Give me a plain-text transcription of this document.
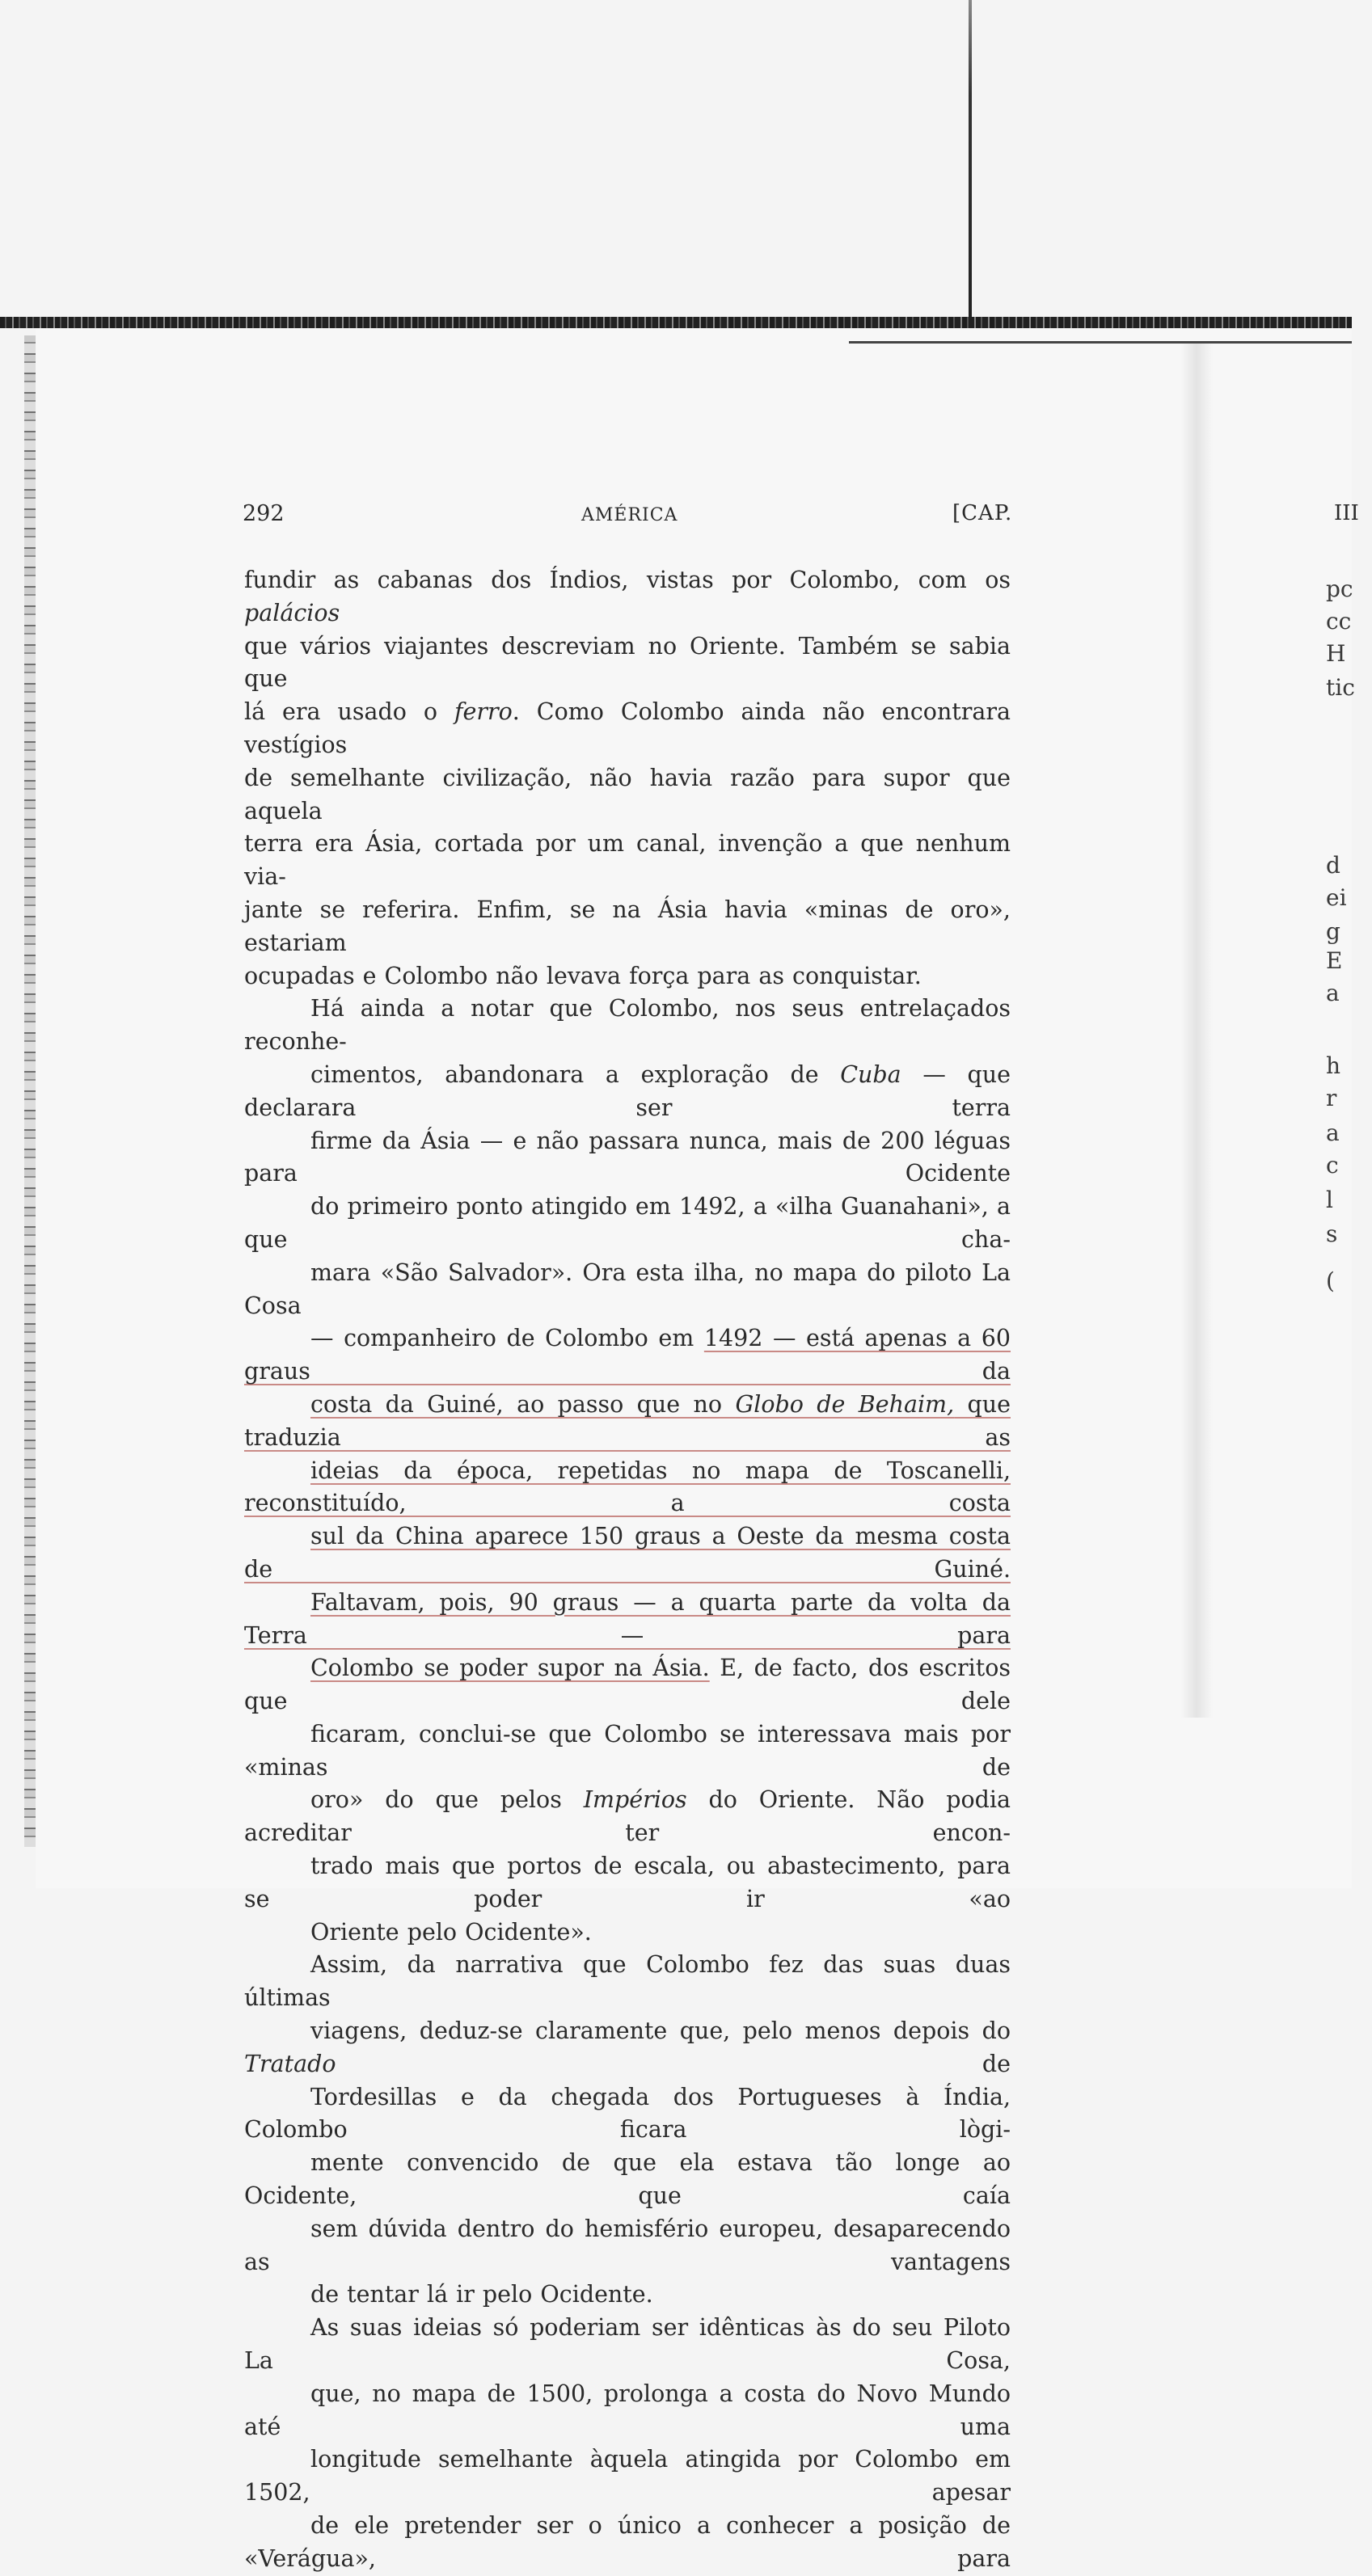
292	AMÉRICA	[CAP.	III

fundir as cabanas dos Índios, vistas por Colombo, com os palácios
que vários viajantes descreviam no Oriente. Também se sabia que
lá era usado o ferro. Como Colombo ainda não encontrara vestígios
de semelhante civilização, não havia razão para supor que aquela
terra era Ásia, cortada por um canal, invenção a que nenhum via-
jante se referira. Enfim, se na Ásia havia «minas de oro», estariam
ocupadas e Colombo não levava força para as conquistar.

Há ainda a notar que Colombo, nos seus entrelaçados reconhe-
cimentos, abandonara a exploração de Cuba — que declarara ser terra
firme da Ásia — e não passara nunca, mais de 200 léguas para Ocidente
do primeiro ponto atingido em 1492, a «ilha Guanahani», a que cha-
mara «São Salvador». Ora esta ilha, no mapa do piloto La Cosa
— companheiro de Colombo em 1492 — está apenas a 60 graus da
costa da Guiné, ao passo que no Globo de Behaim, que traduzia as
ideias da época, repetidas no mapa de Toscanelli, reconstituído, a costa
sul da China aparece 150 graus a Oeste da mesma costa de Guiné.
Faltavam, pois, 90 graus — a quarta parte da volta da Terra — para
Colombo se poder supor na Ásia. E, de facto, dos escritos que dele
ficaram, conclui-se que Colombo se interessava mais por «minas de
oro» do que pelos Impérios do Oriente. Não podia acreditar ter encon-
trado mais que portos de escala, ou abastecimento, para se poder ir «ao
Oriente pelo Ocidente».

Assim, da narrativa que Colombo fez das suas duas últimas
viagens, deduz-se claramente que, pelo menos depois do Tratado de
Tordesillas e da chegada dos Portugueses à Índia, Colombo ficara lògi-
mente convencido de que ela estava tão longe ao Ocidente, que caía
sem dúvida dentro do hemisfério europeu, desaparecendo as vantagens
de tentar lá ir pelo Ocidente.

As suas ideias só poderiam ser idênticas às do seu Piloto La Cosa,
que, no mapa de 1500, prolonga a costa do Novo Mundo até uma
longitude semelhante àquela atingida por Colombo em 1502, apesar
de ele pretender ser o único a conhecer a posição de «Verágua», para

pc
cc
H
tic
d
ei
g
E
a
h
r
a
c
l
s
(
